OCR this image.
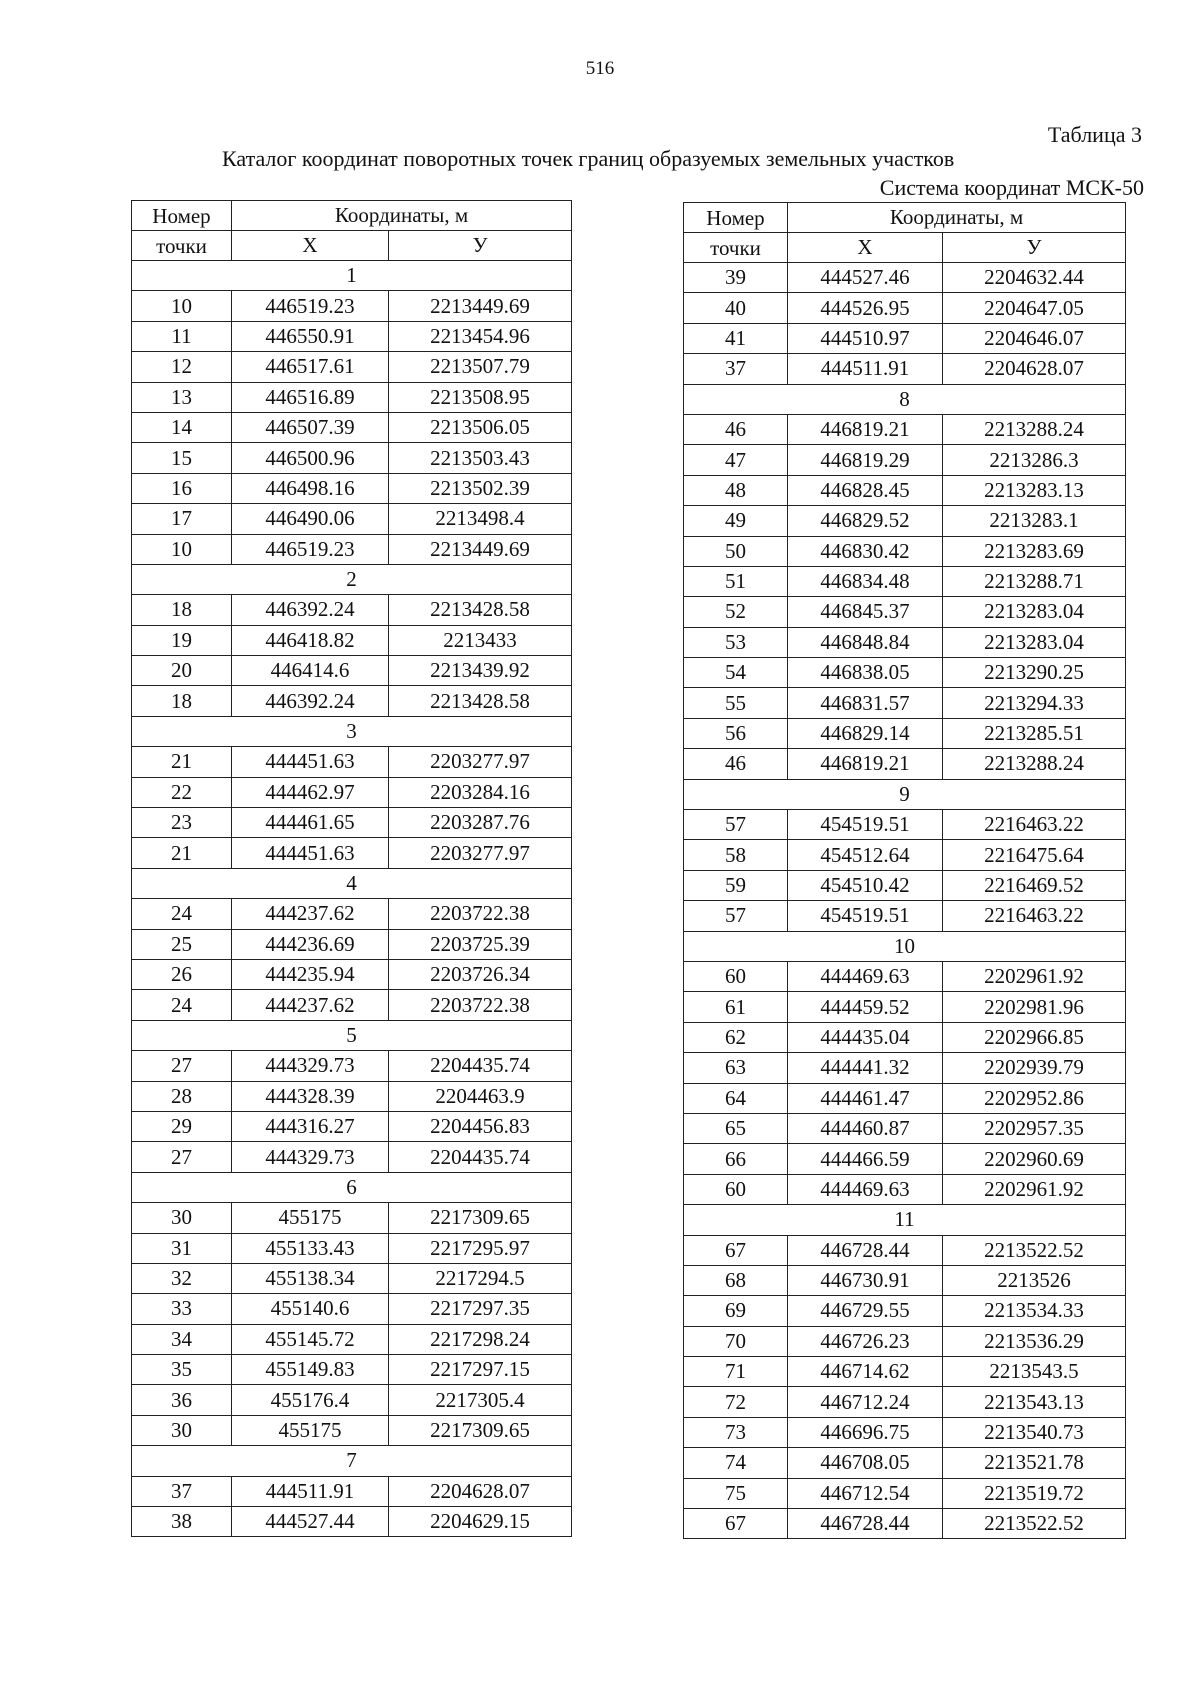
516
Таблица 3
Каталог координат поворотных точек границ образуемых земельных участков
Система координат МСК-50
Номер	Координаты, м	
точки	X	У
1		
10	446519.23	2213449.69
11	446550.91	2213454.96
12	446517.61	2213507.79
13	446516.89	2213508.95
14	446507.39	2213506.05
15	446500.96	2213503.43
16	446498.16	2213502.39
17	446490.06	2213498.4
10	446519.23	2213449.69
2		
18	446392.24	2213428.58
19	446418.82	2213433
20	446414.6	2213439.92
18	446392.24	2213428.58
3		
21	444451.63	2203277.97
22	444462.97	2203284.16
23	444461.65	2203287.76
21	444451.63	2203277.97
4		
24	444237.62	2203722.38
25	444236.69	2203725.39
26	444235.94	2203726.34
24	444237.62	2203722.38
5		
27	444329.73	2204435.74
28	444328.39	2204463.9
29	444316.27	2204456.83
27	444329.73	2204435.74
6		
30	455175	2217309.65
31	455133.43	2217295.97
32	455138.34	2217294.5
33	455140.6	2217297.35
34	455145.72	2217298.24
35	455149.83	2217297.15
36	455176.4	2217305.4
30	455175	2217309.65
7		
37	444511.91	2204628.07
38	444527.44	2204629.15
Номер	Координаты, м	
точки	X	У
39	444527.46	2204632.44
40	444526.95	2204647.05
41	444510.97	2204646.07
37	444511.91	2204628.07
8		
46	446819.21	2213288.24
47	446819.29	2213286.3
48	446828.45	2213283.13
49	446829.52	2213283.1
50	446830.42	2213283.69
51	446834.48	2213288.71
52	446845.37	2213283.04
53	446848.84	2213283.04
54	446838.05	2213290.25
55	446831.57	2213294.33
56	446829.14	2213285.51
46	446819.21	2213288.24
9		
57	454519.51	2216463.22
58	454512.64	2216475.64
59	454510.42	2216469.52
57	454519.51	2216463.22
10		
60	444469.63	2202961.92
61	444459.52	2202981.96
62	444435.04	2202966.85
63	444441.32	2202939.79
64	444461.47	2202952.86
65	444460.87	2202957.35
66	444466.59	2202960.69
60	444469.63	2202961.92
11		
67	446728.44	2213522.52
68	446730.91	2213526
69	446729.55	2213534.33
70	446726.23	2213536.29
71	446714.62	2213543.5
72	446712.24	2213543.13
73	446696.75	2213540.73
74	446708.05	2213521.78
75	446712.54	2213519.72
67	446728.44	2213522.52
